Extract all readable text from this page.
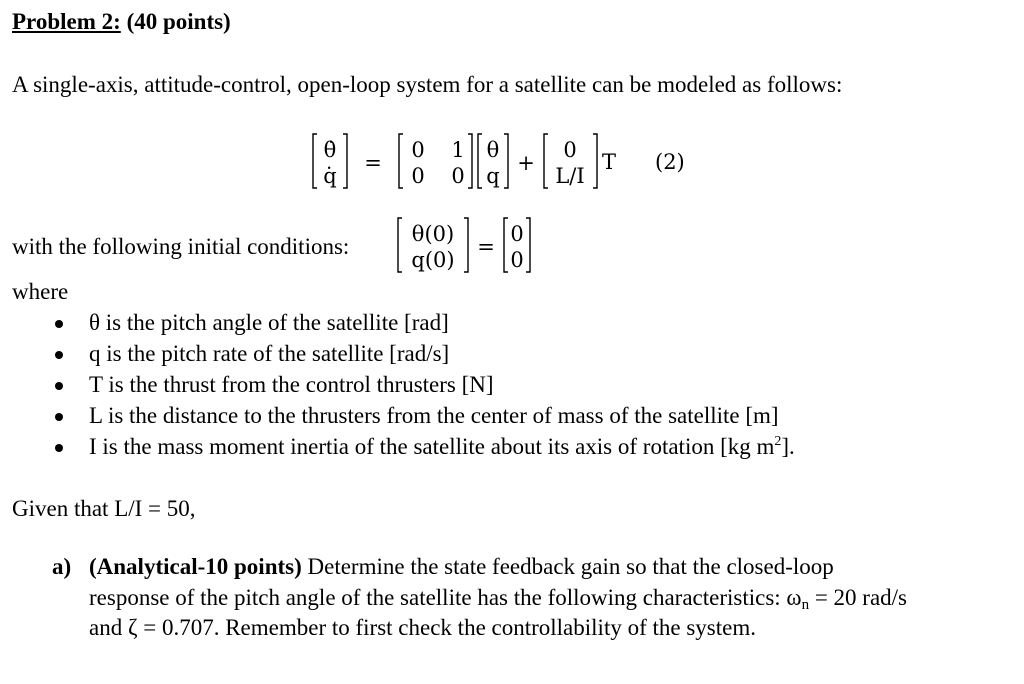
Problem 2: (40 points)
A single-axis, attitude-control, open-loop system for a satellite can be modeled as follows:
θ̇
q̇
=
0 1
0 0
θ
q
+
0
L/I
T (2)
with the following initial conditions:	θ(0)
q(0)
=
0
0
where
θ is the pitch angle of the satellite [rad]
q is the pitch rate of the satellite [rad/s]
T is the thrust from the control thrusters [N]
L is the distance to the thrusters from the center of mass of the satellite [m]
I is the mass moment inertia of the satellite about its axis of rotation [kg $m^2$].
Given that L/I = 50,
a) (Analytical-10 points) Determine the state feedback gain so that the closed-loop
response of the pitch angle of the satellite has the following characteristics: $\omega_n = 20$ rad/s
and ζ = 0.707. Remember to first check the controllability of the system.
